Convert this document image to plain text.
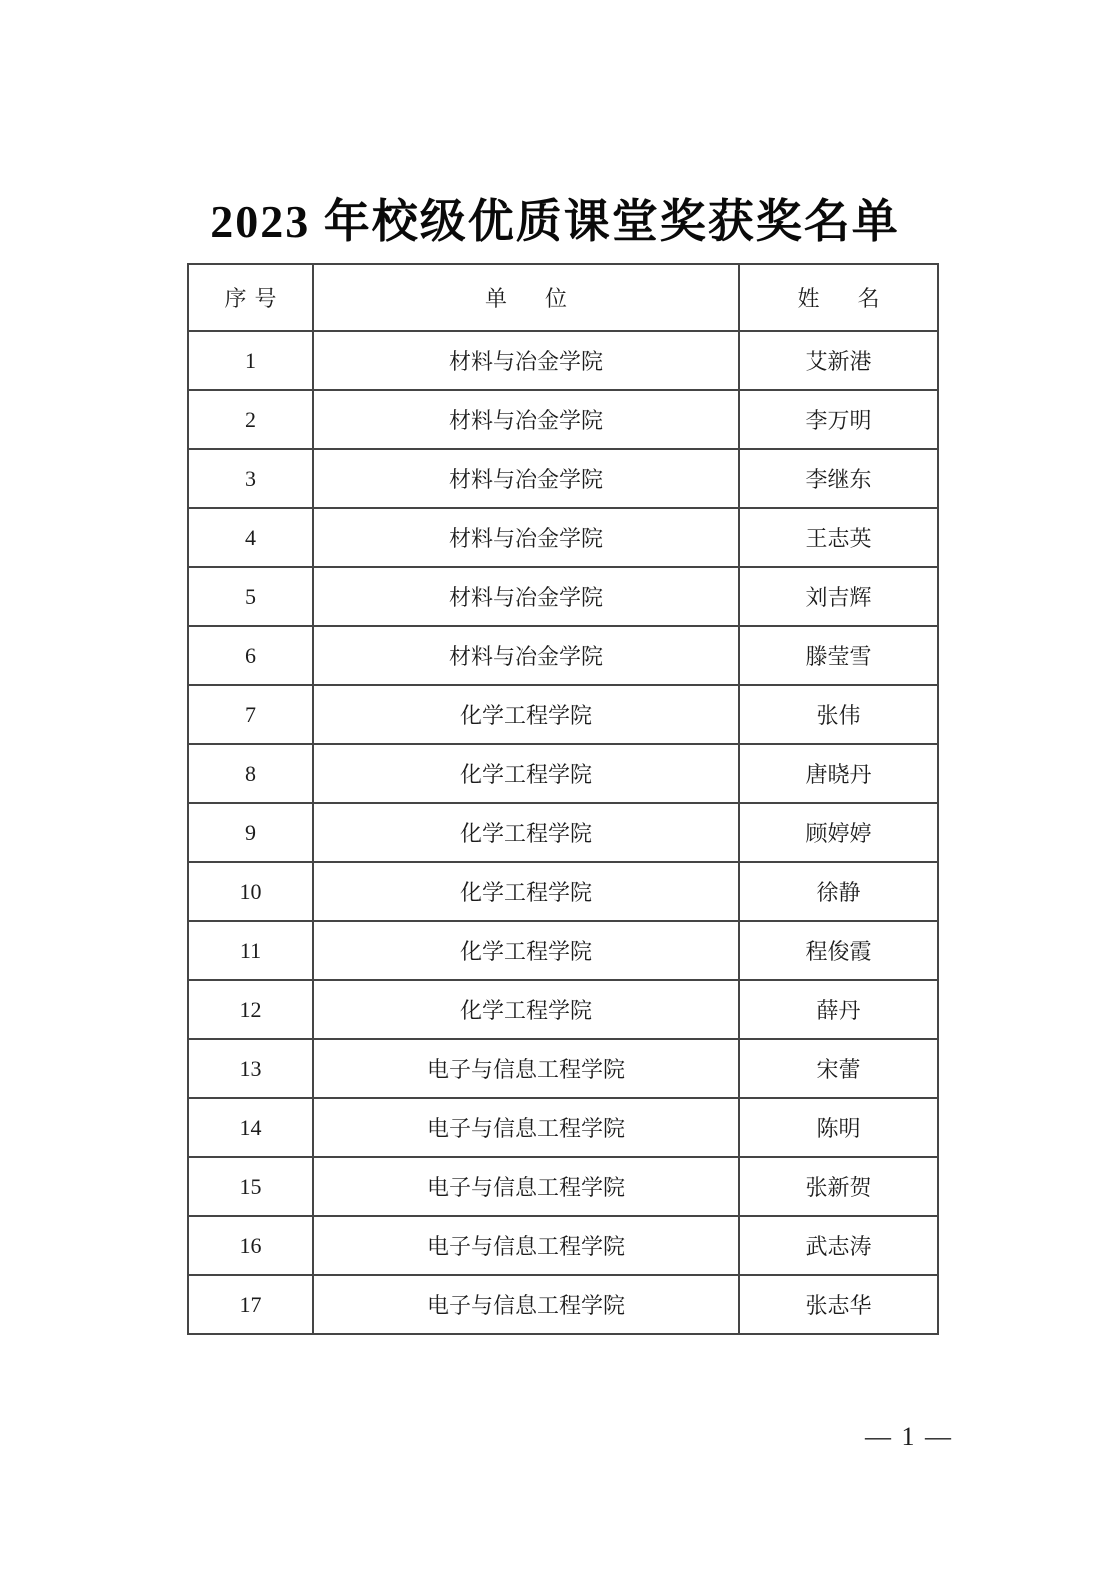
2023 年校级优质课堂奖获奖名单
序号	单　位	姓　名
1	材料与冶金学院	艾新港
2	材料与冶金学院	李万明
3	材料与冶金学院	李继东
4	材料与冶金学院	王志英
5	材料与冶金学院	刘吉辉
6	材料与冶金学院	滕莹雪
7	化学工程学院	张伟
8	化学工程学院	唐晓丹
9	化学工程学院	顾婷婷
10	化学工程学院	徐静
11	化学工程学院	程俊霞
12	化学工程学院	薛丹
13	电子与信息工程学院	宋蕾
14	电子与信息工程学院	陈明
15	电子与信息工程学院	张新贺
16	电子与信息工程学院	武志涛
17	电子与信息工程学院	张志华
— 1 —
